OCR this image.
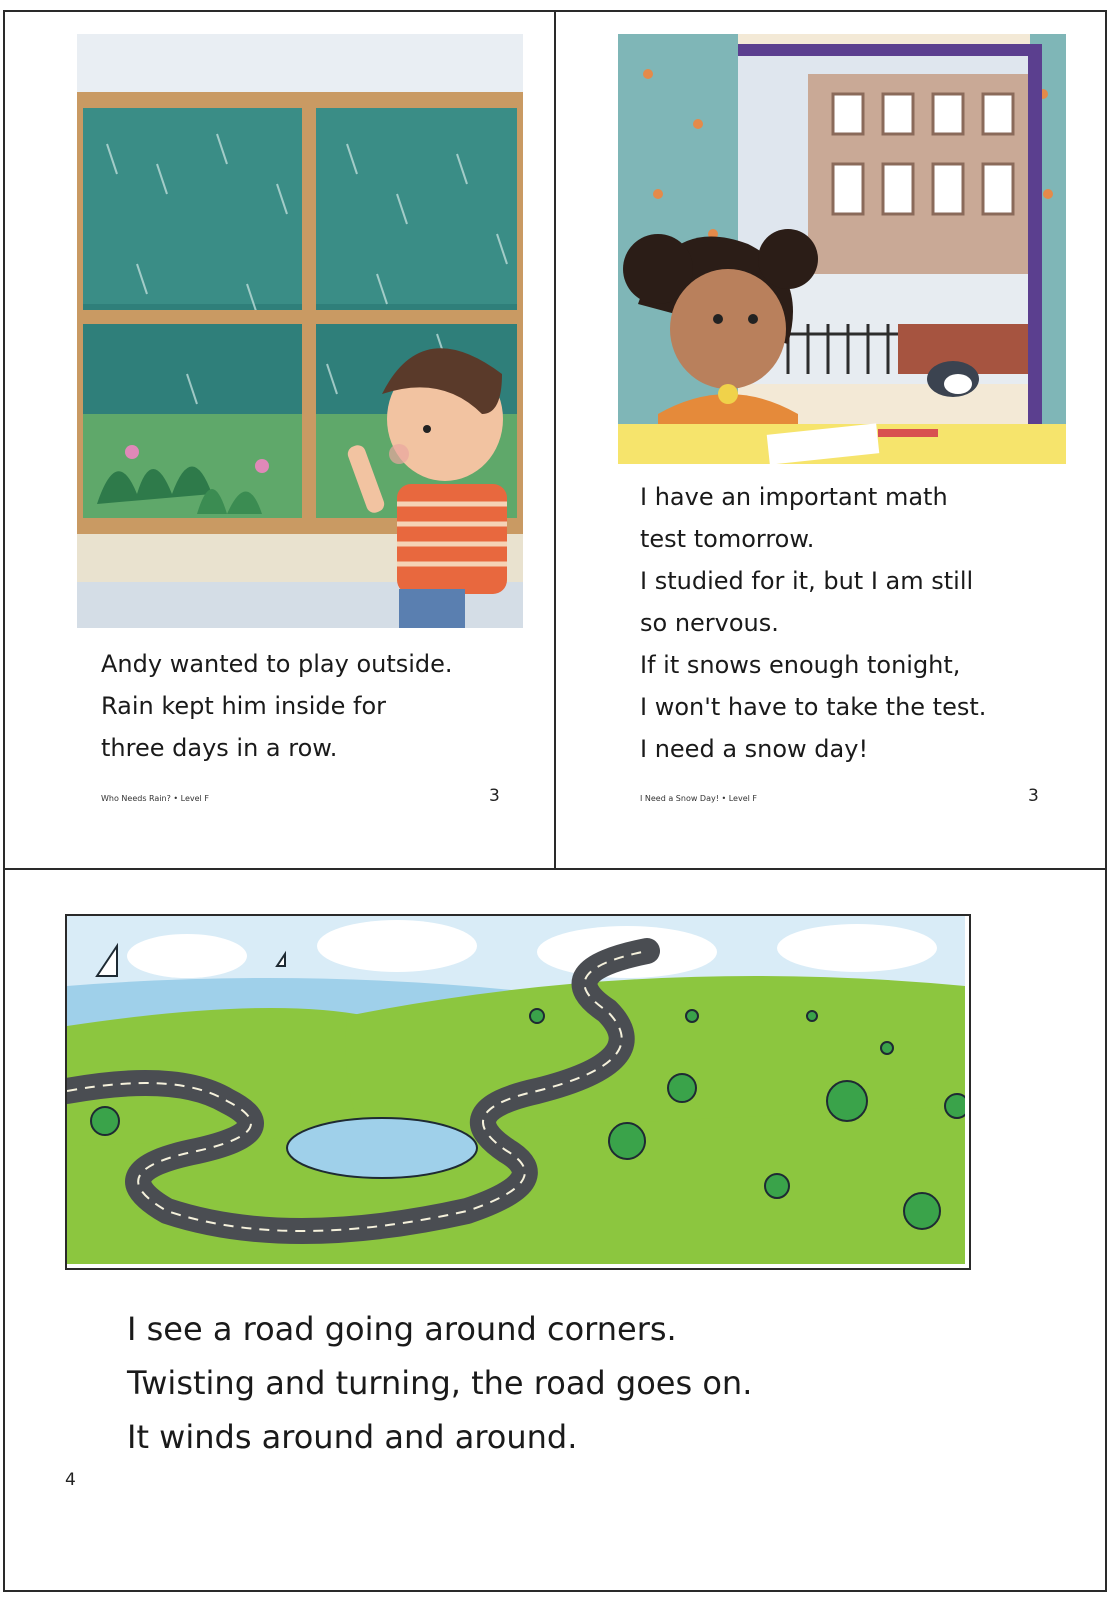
Andy wanted to play outside.
Rain kept him inside for
three days in a row.
Who Needs Rain? • Level F	3
I have an important math
test tomorrow.
I studied for it, but I am still
so nervous.
If it snows enough tonight,
I won't have to take the test.
I need a snow day!
I Need a Snow Day! • Level F	3
I see a road going around corners.
Twisting and turning, the road goes on.
It winds around and around.
4
